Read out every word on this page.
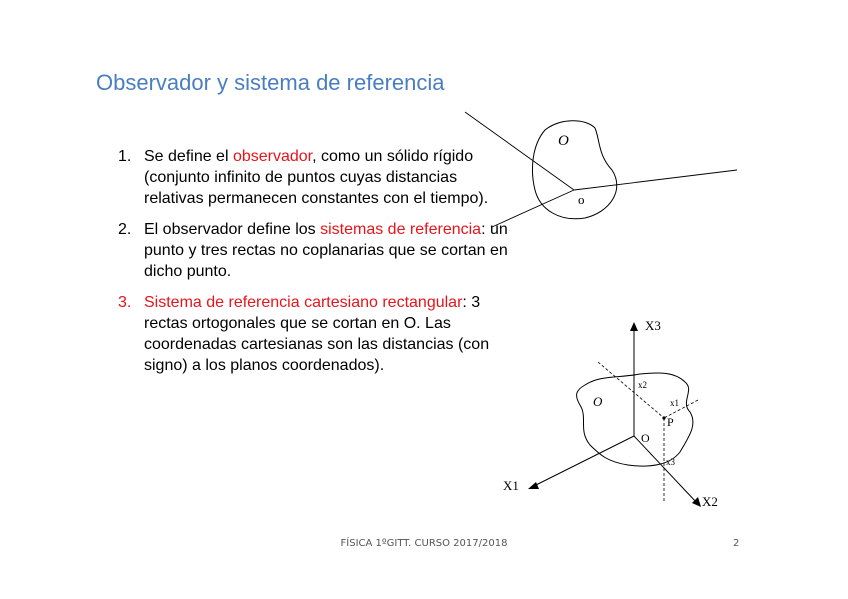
Observador y sistema de referencia
1. Se define el observador, como un sólido rígido (conjunto infinito de puntos cuyas distancias relativas permanecen constantes con el tiempo).
2. El observador define los sistemas de referencia: un punto y tres rectas no coplanarias que se cortan en dicho punto.
3. Sistema de referencia cartesiano rectangular: 3 rectas ortogonales que se cortan en O. Las coordenadas cartesianas son las distancias (con signo) a los planos coordenados).
O
o
X3
X1
X2
O
O
P
x2
x1
x3
FÍSICA 1ºGITT. CURSO 2017/2018	2
